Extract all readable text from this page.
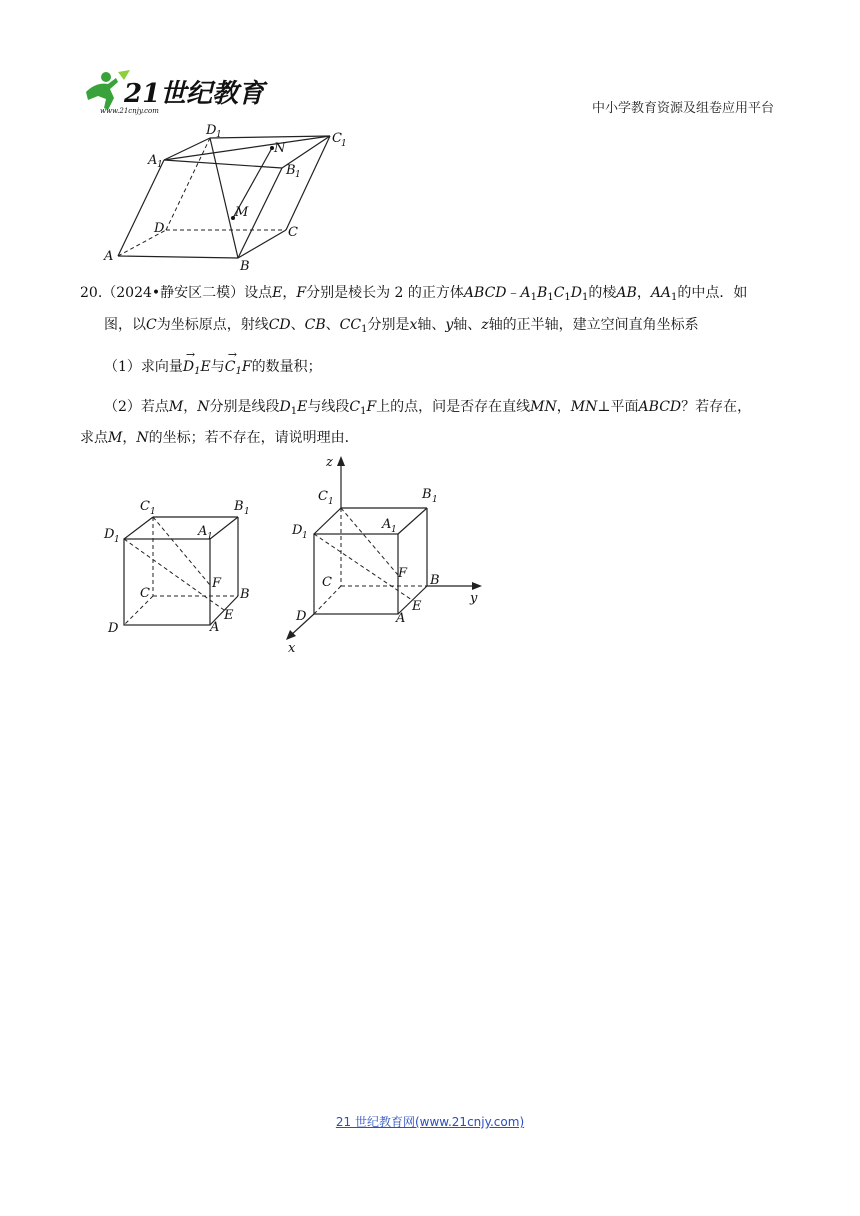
21世纪教育
www.21cnjy.com	中小学教育资源及组卷应用平台
A
B
C
D
A 1	B 1
C 1
D 1
M
N
20.（2024•静安区二模）设点E，F分别是棱长为 2 的正方体$ABCD﹣A_1B_1C_1D_1$的棱AB，$AA_1$的中点．如
图，以C为坐标原点，射线CD、CB、$CC_1$分别是x轴、y轴、z轴的正半轴，建立空间直角坐标系
（1）求向量→ $D_1E$与→ $C_1F$的数量积；
（2）若点M，N分别是线段$D_1E$与线段$C_1F$上的点，问是否存在直线MN，MN⊥平面ABCD？若存在，
求点M，N的坐标；若不存在，请说明理由．
D 1
C 1	B 1
A 1
F
C	B
E
A
D
z
y
x
D 1
C 1	B 1
A 1
F
C	B
E
A
D
21 世纪教育网(www.21cnjy.com)
